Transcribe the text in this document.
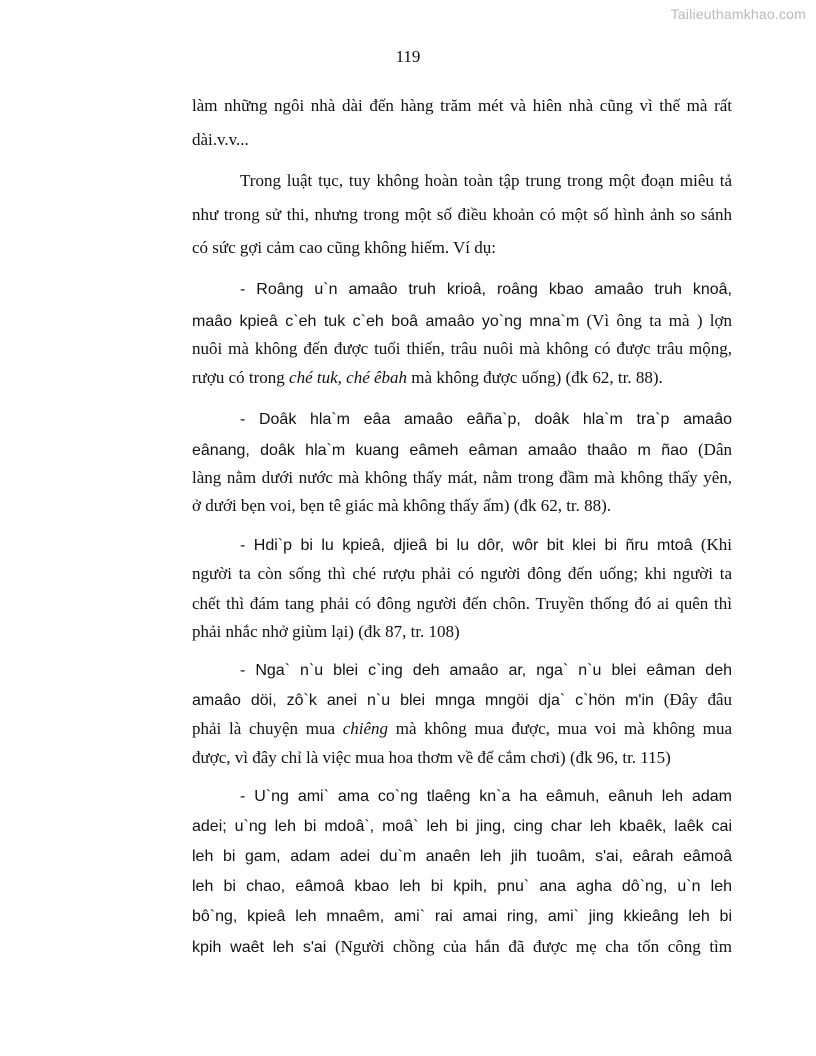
Tailieuthamkhao.com
119
làm những ngôi nhà dài đến hàng trăm mét và hiên nhà cũng vì thế mà rất
dài.v.v...
Trong luật tục, tuy không hoàn toàn tập trung trong một đoạn miêu tả
như trong sử thi, nhưng trong một số điều khoản có một số hình ảnh so sánh
có sức gợi cảm cao cũng không hiếm. Ví dụ:
- Roâng u`n amaâo truh krioâ, roâng kbao amaâo truh knoâ,
maâo kpieâ c`eh tuk c`eh boâ amaâo yo`ng mna`m (Vì ông ta mà ) lợn
nuôi mà không đến được tuổi thiến, trâu nuôi mà không có được trâu mộng,
rượu có trong ché tuk, ché êbah mà không được uống) (đk 62, tr. 88).
- Doâk hla`m eâa amaâo eâña`p, doâk hla`m tra`p amaâo
eânang, doâk hla`m kuang eâmeh eâman amaâo thaâo m ñao (Dân
làng nằm dưới nước mà không thấy mát, nằm trong đầm mà không thấy yên,
ở dưới bẹn voi, bẹn tê giác mà không thấy ấm) (đk 62, tr. 88).
- Hdi`p bi lu kpieâ, djieâ bi lu dôr, wôr bit klei bi ñru mtoâ (Khi
người ta còn sống thì ché rượu phải có người đông đến uống; khi người ta
chết thì đám tang phải có đông người đến chôn. Truyền thống đó ai quên thì
phải nhắc nhở giùm lại) (đk 87, tr. 108)
- Nga` n`u blei c`ing deh amaâo ar, nga` n`u blei eâman deh
amaâo döi, zô`k anei n`u blei mnga mngöi dja` c`hön m'in (Đây đâu
phải là chuyện mua chiêng mà không mua được, mua voi mà không mua
được, vì đây chỉ là việc mua hoa thơm về để cắm chơi) (đk 96, tr. 115)
- U`ng ami` ama co`ng tlaêng kn`a ha eâmuh, eânuh leh adam
adei; u`ng leh bi mdoâ`, moâ` leh bi jing, cing char leh kbaêk, laêk cai
leh bi gam, adam adei du`m anaên leh jih tuoâm, s'ai, eârah eâmoâ
leh bi chao, eâmoâ kbao leh bi kpih, pnu` ana agha dô`ng, u`n leh
bô`ng, kpieâ leh mnaêm, ami` rai amai ring, ami` jing kkieâng leh bi
kpih waêt leh s'ai (Người chồng của hắn đã được mẹ cha tốn công tìm
